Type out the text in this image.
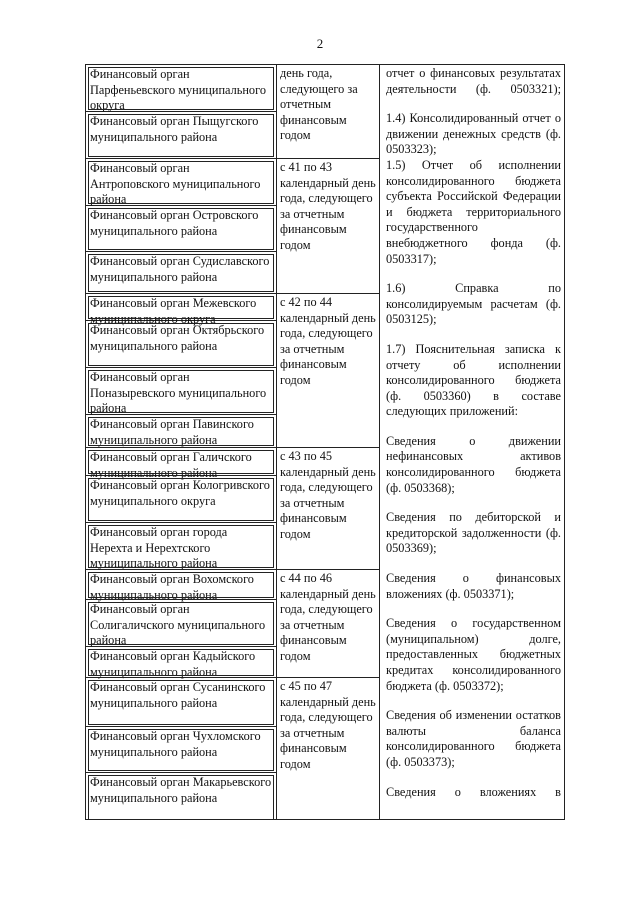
2
Финансовый орган Парфеньевского муниципального округа
Финансовый орган Пыщугского муниципального района
Финансовый орган Антроповского муниципального района
Финансовый орган Островского муниципального района
Финансовый орган Судиславского муниципального района
Финансовый орган Межевского муниципального округа
Финансовый орган Октябрьского муниципального района
Финансовый орган Поназыревского муниципального района
Финансовый орган Павинского муниципального района
Финансовый орган Галичского муниципального района
Финансовый орган Кологривского муниципального округа
Финансовый орган города Нерехта и Нерехтского муниципального района
Финансовый орган Вохомского муниципального района
Финансовый орган Солигаличского муниципального района
Финансовый орган Кадыйского муниципального района
Финансовый орган Сусанинского муниципального района
Финансовый орган Чухломского муниципального района
Финансовый орган Макарьевского муниципального района
день года, следующего за отчетным финансовым годом
с 41 по 43 календарный день года, следующего за отчетным финансовым годом
с 42 по 44 календарный день года, следующего за отчетным финансовым годом
с 43 по 45 календарный день года, следующего за отчетным финансовым годом
с 44 по 46 календарный день года, следующего за отчетным финансовым годом
с 45 по 47 календарный день года, следующего за отчетным финансовым годом

отчет о финансовых результатах деятельности (ф. 0503321);

1.4) Консолидированный отчет о движении денежных средств (ф. 0503323);

1.5) Отчет об исполнении консолидированного бюджета субъекта Российской Федерации и бюджета территориального государственного внебюджетного фонда (ф. 0503317);

1.6) Справка по консолидируемым расчетам (ф. 0503125);

1.7) Пояснительная записка к отчету об исполнении консолидированного бюджета (ф. 0503360) в составе следующих приложений:

Сведения о движении нефинансовых активов консолидированного бюджета (ф. 0503368);

Сведения по дебиторской и кредиторской задолженности (ф. 0503369);

Сведения о финансовых вложениях (ф. 0503371);

Сведения о государственном (муниципальном) долге, предоставленных бюджетных кредитах консолидированного бюджета (ф. 0503372);

Сведения об изменении остатков валюты баланса консолидированного бюджета (ф. 0503373);

Сведения о вложениях в
